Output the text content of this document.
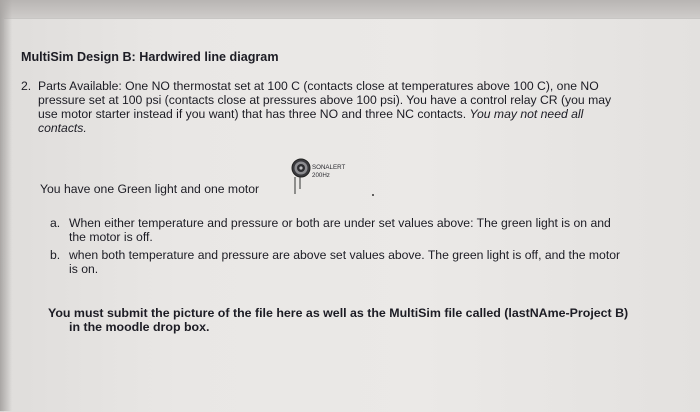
MultiSim Design B: Hardwired line diagram

2. Parts Available: One NO thermostat set at 100 C (contacts close at temperatures above 100 C), one NO

pressure set at 100 psi (contacts close at pressures above 100 psi). You have a control relay CR (you may

use motor starter instead if you want) that has three NO and three NC contacts. You may not need all

contacts.

SONALERT
200Hz

You have one Green light and one motor

a. When either temperature and pressure or both are under set values above: The green light is on and

the motor is off.

b. when both temperature and pressure are above set values above. The green light is off, and the motor

is on.

You must submit the picture of the file here as well as the MultiSim file called (lastNAme-Project B)

in the moodle drop box.
